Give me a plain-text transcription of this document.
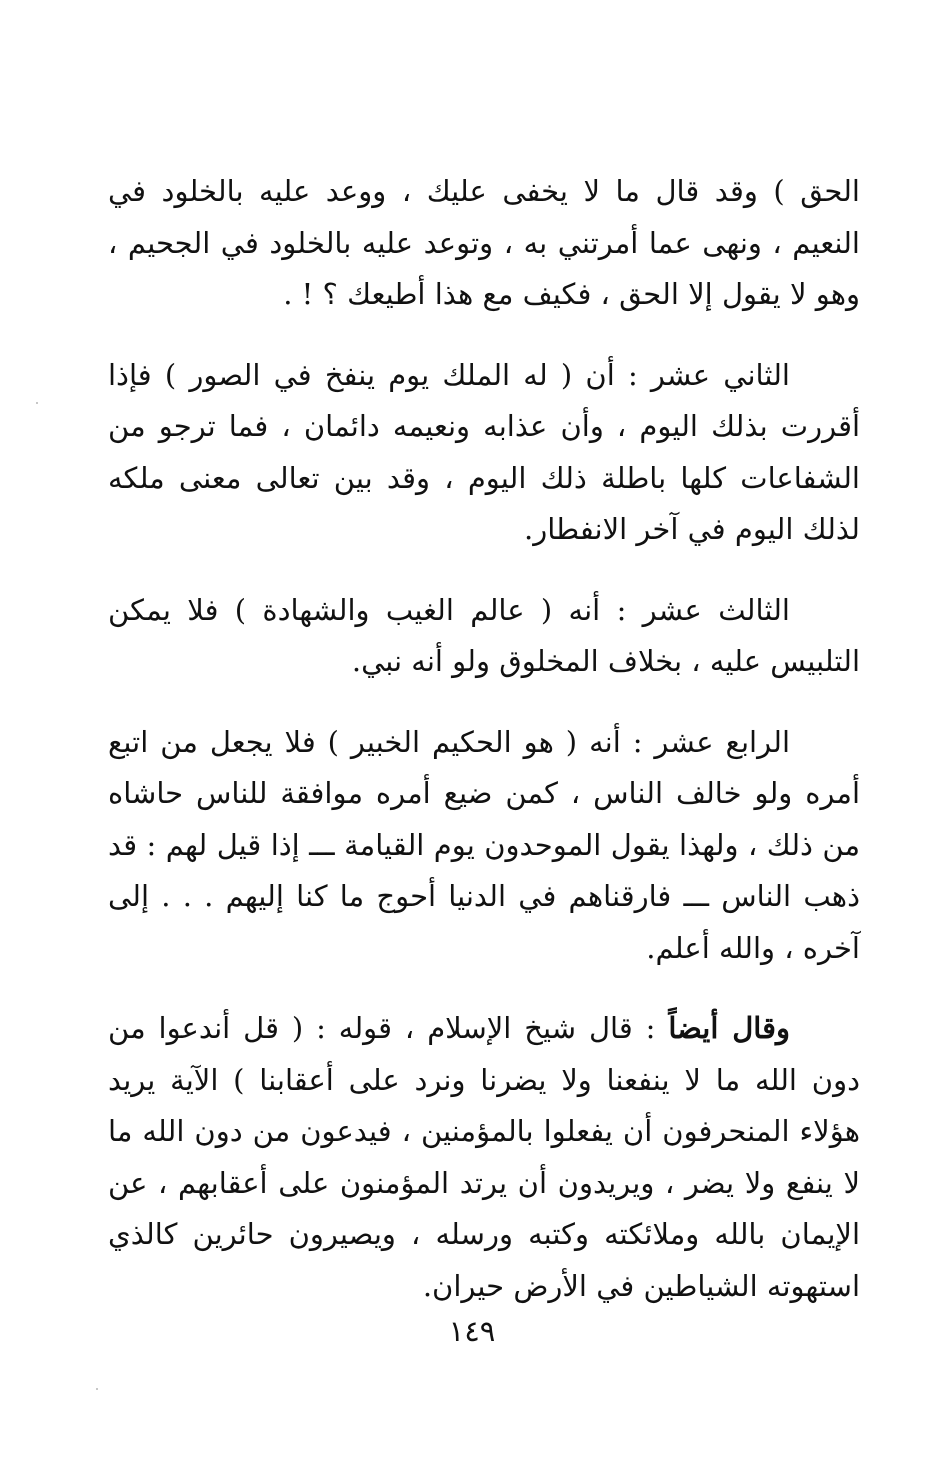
الحق ) وقد قال ما لا يخفى عليك ، ووعد عليه بالخلود في النعيم ، ونهى عما أمرتني به ، وتوعد عليه بالخلود في الجحيم ، وهو لا يقول إلا الحق ، فكيف مع هذا أطيعك ؟ ! .

الثاني عشر : أن ( له الملك يوم ينفخ في الصور ) فإذا أقررت بذلك اليوم ، وأن عذابه ونعيمه دائمان ، فما ترجو من الشفاعات كلها باطلة ذلك اليوم ، وقد بين تعالى معنى ملكه لذلك اليوم في آخر الانفطار.

الثالث عشر : أنه ( عالم الغيب والشهادة ) فلا يمكن التلبيس عليه ، بخلاف المخلوق ولو أنه نبي.

الرابع عشر : أنه ( هو الحكيم الخبير ) فلا يجعل من اتبع أمره ولو خالف الناس ، كمن ضيع أمره موافقة للناس حاشاه من ذلك ، ولهذا يقول الموحدون يوم القيامة ـــ إذا قيل لهم : قد ذهب الناس ـــ فارقناهم في الدنيا أحوج ما كنا إليهم . . . إلى آخره ، والله أعلم.

وقال أيضاً : قال شيخ الإسلام ، قوله : ( قل أندعوا من دون الله ما لا ينفعنا ولا يضرنا ونرد على أعقابنا ) الآية يريد هؤلاء المنحرفون أن يفعلوا بالمؤمنين ، فيدعون من دون الله ما لا ينفع ولا يضر ، ويريدون أن يرتد المؤمنون على أعقابهم ، عن الإيمان بالله وملائكته وكتبه ورسله ، ويصيرون حائرين كالذي استهوته الشياطين في الأرض حيران.

١٤٩
